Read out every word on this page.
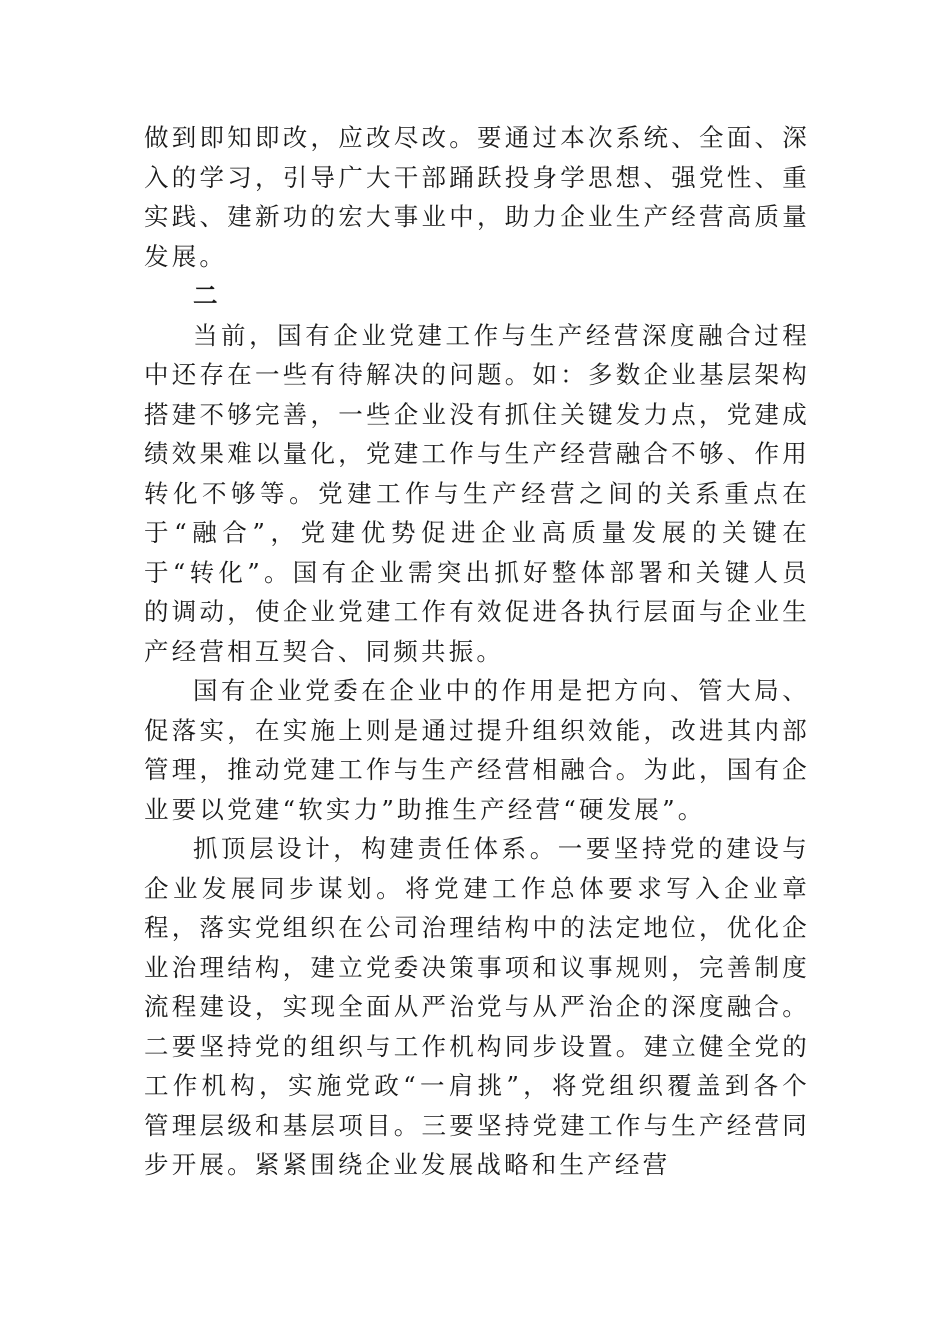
做到即知即改，应改尽改。要通过本次系统、全面、深入的学习，引导广大干部踊跃投身学思想、强党性、重实践、建新功的宏大事业中，助力企业生产经营高质量发展。

二

当前，国有企业党建工作与生产经营深度融合过程中还存在一些有待解决的问题。如：多数企业基层架构搭建不够完善，一些企业没有抓住关键发力点，党建成绩效果难以量化，党建工作与生产经营融合不够、作用转化不够等。党建工作与生产经营之间的关系重点在于“融合”，党建优势促进企业高质量发展的关键在于“转化”。国有企业需突出抓好整体部署和关键人员的调动，使企业党建工作有效促进各执行层面与企业生产经营相互契合、同频共振。

国有企业党委在企业中的作用是把方向、管大局、促落实，在实施上则是通过提升组织效能，改进其内部管理，推动党建工作与生产经营相融合。为此，国有企业要以党建“软实力”助推生产经营“硬发展”。

抓顶层设计，构建责任体系。一要坚持党的建设与企业发展同步谋划。将党建工作总体要求写入企业章程，落实党组织在公司治理结构中的法定地位，优化企业治理结构，建立党委决策事项和议事规则，完善制度流程建设，实现全面从严治党与从严治企的深度融合。二要坚持党的组织与工作机构同步设置。建立健全党的工作机构，实施党政“一肩挑”，将党组织覆盖到各个管理层级和基层项目。三要坚持党建工作与生产经营同步开展。紧紧围绕企业发展战略和生产经营
